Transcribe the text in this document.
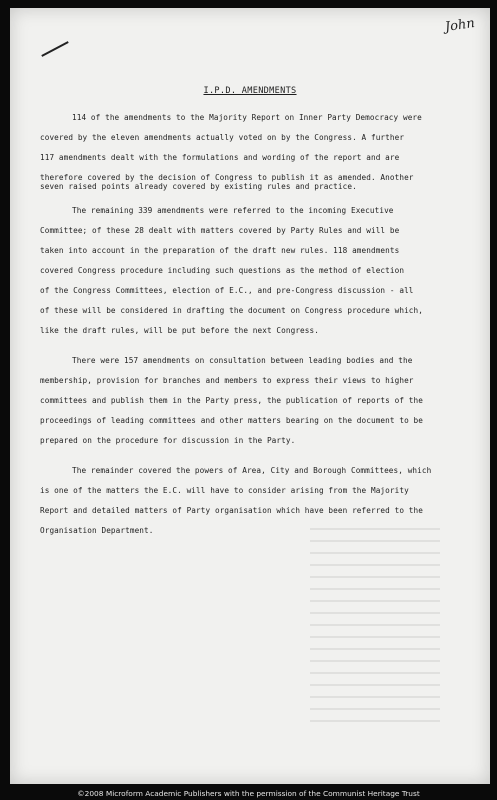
John
I.P.D. AMENDMENTS
114 of the amendments to the Majority Report on Inner Party Democracy were
covered by the eleven amendments actually voted on by the Congress. A further
117 amendments dealt with the formulations and wording of the report and are
therefore covered by the decision of Congress to publish it as amended. Another
seven raised points already covered by existing rules and practice.
The remaining 339 amendments were referred to the incoming Executive
Committee; of these 28 dealt with matters covered by Party Rules and will be
taken into account in the preparation of the draft new rules. 118 amendments
covered Congress procedure including such questions as the method of election
of the Congress Committees, election of E.C., and pre-Congress discussion - all
of these will be considered in drafting the document on Congress procedure which,
like the draft rules, will be put before the next Congress.
There were 157 amendments on consultation between leading bodies and the
membership, provision for branches and members to express their views to higher
committees and publish them in the Party press, the publication of reports of the
proceedings of leading committees and other matters bearing on the document to be
prepared on the procedure for discussion in the Party.
The remainder covered the powers of Area, City and Borough Committees, which
is one of the matters the E.C. will have to consider arising from the Majority
Report and detailed matters of Party organisation which have been referred to the
Organisation Department.
©2008 Microform Academic Publishers with the permission of the Communist Heritage Trust
